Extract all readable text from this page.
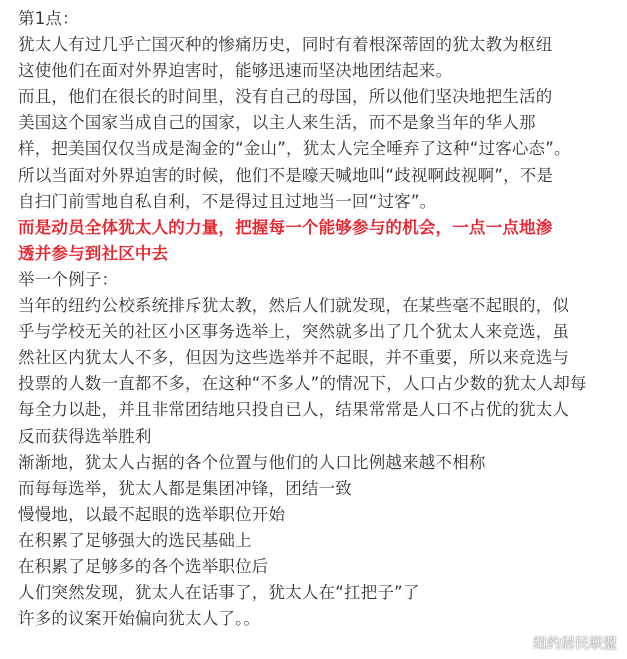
第1点：
犹太人有过几乎亡国灭种的惨痛历史，同时有着根深蒂固的犹太教为枢纽
这使他们在面对外界迫害时，能够迅速而坚决地团结起来。
而且，他们在很长的时间里，没有自己的母国，所以他们坚决地把生活的
美国这个国家当成自己的国家，以主人来生活，而不是象当年的华人那
样，把美国仅仅当成是淘金的“金山”，犹太人完全唾弃了这种“过客心态”。
所以当面对外界迫害的时候，他们不是嚎天喊地叫“歧视啊歧视啊”，不是
自扫门前雪地自私自利，不是得过且过地当一回“过客”。
而是动员全体犹太人的力量，把握每一个能够参与的机会，一点一点地渗
透并参与到社区中去
举一个例子：
当年的纽约公校系统排斥犹太教，然后人们就发现，在某些毫不起眼的，似
乎与学校无关的社区小区事务选举上，突然就多出了几个犹太人来竞选，虽
然社区内犹太人不多，但因为这些选举并不起眼，并不重要，所以来竞选与
投票的人数一直都不多，在这种“不多人”的情况下，人口占少数的犹太人却每
每全力以赴，并且非常团结地只投自已人，结果常常是人口不占优的犹太人
反而获得选举胜利
渐渐地，犹太人占据的各个位置与他们的人口比例越来越不相称
而每每选举，犹太人都是集团冲锋，团结一致
慢慢地，以最不起眼的选举职位开始
在积累了足够强大的选民基础上
在积累了足够多的各个选举职位后
人们突然发现，犹太人在话事了，犹太人在“扛把子”了
许多的议案开始偏向犹太人了。。
纽约居民联盟
